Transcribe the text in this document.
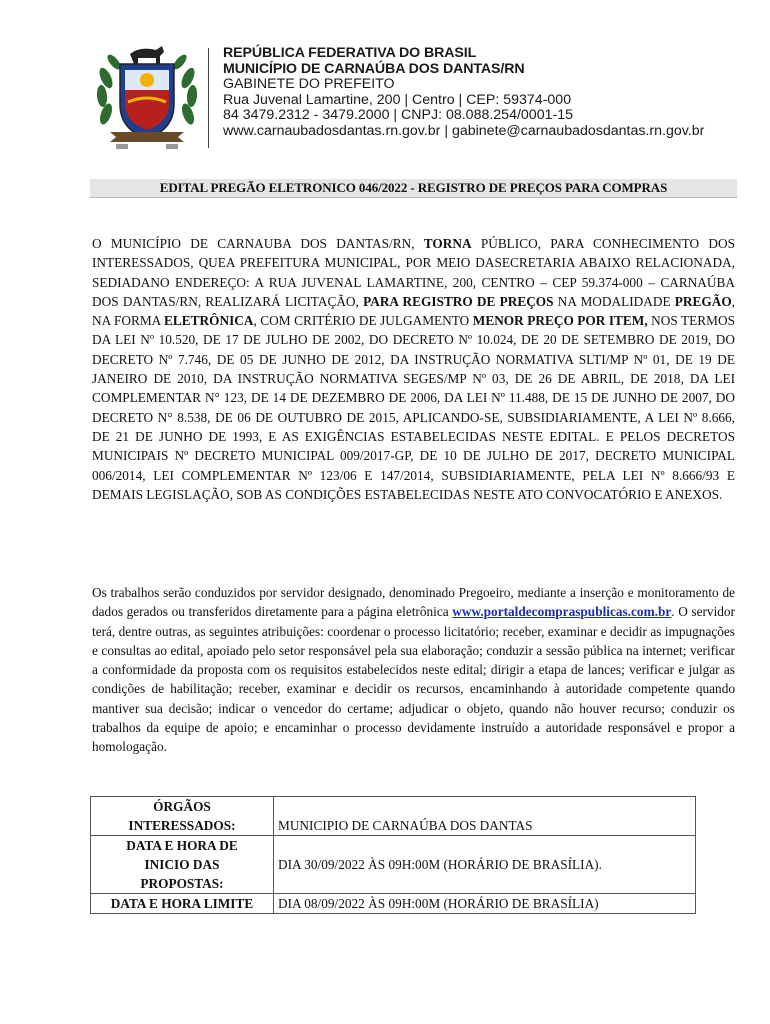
REPÚBLICA FEDERATIVA DO BRASIL
MUNICÍPIO DE CARNAÚBA DOS DANTAS/RN
GABINETE DO PREFEITO
Rua Juvenal Lamartine, 200 | Centro | CEP: 59374-000
84 3479.2312 - 3479.2000 | CNPJ: 08.088.254/0001-15
www.carnaubadosdantas.rn.gov.br | gabinete@carnaubadosdantas.rn.gov.br
EDITAL PREGÃO ELETRONICO 046/2022 - REGISTRO DE PREÇOS PARA COMPRAS
O MUNICÍPIO DE CARNAUBA DOS DANTAS/RN, TORNA PÚBLICO, PARA CONHECIMENTO DOS INTERESSADOS, QUEA PREFEITURA MUNICIPAL, POR MEIO DASECRETARIA ABAIXO RELACIONADA, SEDIADANO ENDEREÇO: A RUA JUVENAL LAMARTINE, 200, CENTRO – CEP 59.374-000 – CARNAÚBA DOS DANTAS/RN, REALIZARÁ LICITAÇÃO, PARA REGISTRO DE PREÇOS NA MODALIDADE PREGÃO, NA FORMA ELETRÔNICA, COM CRITÉRIO DE JULGAMENTO MENOR PREÇO POR ITEM, NOS TERMOS DA LEI Nº 10.520, DE 17 DE JULHO DE 2002, DO DECRETO Nº 10.024, DE 20 DE SETEMBRO DE 2019, DO DECRETO Nº 7.746, DE 05 DE JUNHO DE 2012, DA INSTRUÇÃO NORMATIVA SLTI/MP Nº 01, DE 19 DE JANEIRO DE 2010, DA INSTRUÇÃO NORMATIVA SEGES/MP Nº 03, DE 26 DE ABRIL, DE 2018, DA LEI COMPLEMENTAR N° 123, DE 14 DE DEZEMBRO DE 2006, DA LEI Nº 11.488, DE 15 DE JUNHO DE 2007, DO DECRETO N° 8.538, DE 06 DE OUTUBRO DE 2015, APLICANDO-SE, SUBSIDIARIAMENTE, A LEI Nº 8.666, DE 21 DE JUNHO DE 1993, E AS EXIGÊNCIAS ESTABELECIDAS NESTE EDITAL. E PELOS DECRETOS MUNICIPAIS Nº DECRETO MUNICIPAL 009/2017-GP, DE 10 DE JULHO DE 2017, DECRETO MUNICIPAL 006/2014, LEI COMPLEMENTAR Nº 123/06 E 147/2014, SUBSIDIARIAMENTE, PELA LEI Nº 8.666/93 E DEMAIS LEGISLAÇÃO, SOB AS CONDIÇÕES ESTABELECIDAS NESTE ATO CONVOCATÓRIO E ANEXOS.
Os trabalhos serão conduzidos por servidor designado, denominado Pregoeiro, mediante a inserção e monitoramento de dados gerados ou transferidos diretamente para a página eletrônica www.portaldecompraspublicas.com.br. O servidor terá, dentre outras, as seguintes atribuições: coordenar o processo licitatório; receber, examinar e decidir as impugnações e consultas ao edital, apoiado pelo setor responsável pela sua elaboração; conduzir a sessão pública na internet; verificar a conformidade da proposta com os requisitos estabelecidos neste edital; dirigir a etapa de lances; verificar e julgar as condições de habilitação; receber, examinar e decidir os recursos, encaminhando à autoridade competente quando mantiver sua decisão; indicar o vencedor do certame; adjudicar o objeto, quando não houver recurso; conduzir os trabalhos da equipe de apoio; e encaminhar o processo devidamente instruído a autoridade responsável e propor a homologação.
ÓRGÃOS
INTERESSADOS:	MUNICIPIO DE CARNAÚBA DOS DANTAS

DATA E HORA DE
INICIO DAS
PROPOSTAS:	DIA 30/09/2022 ÀS 09H:00M (HORÁRIO DE BRASÍLIA).
DATA E HORA LIMITE	DIA 08/09/2022 ÀS 09H:00M (HORÁRIO DE BRASÍLIA)
